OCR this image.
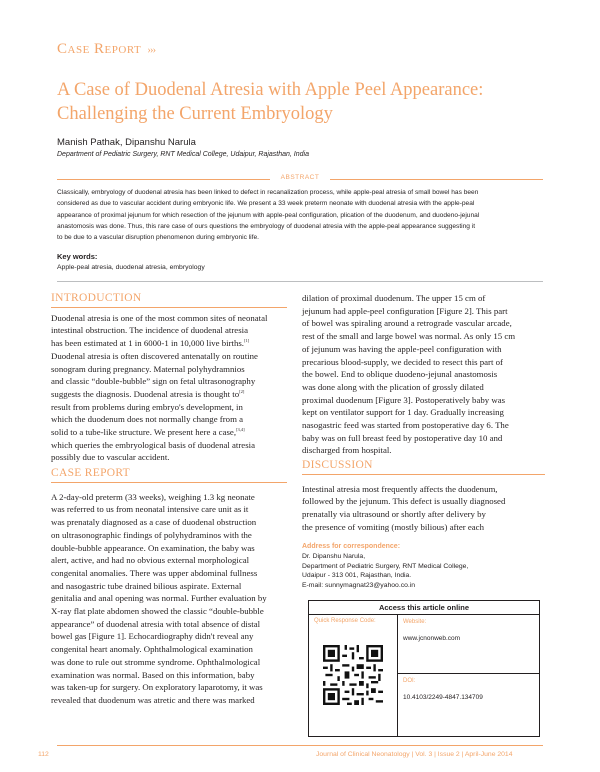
Case Report ›››
A Case of Duodenal Atresia with Apple Peel Appearance:
Challenging the Current Embryology
Manish Pathak, Dipanshu Narula
Department of Pediatric Surgery, RNT Medical College, Udaipur, Rajasthan, India
ABSTRACT
Classically, embryology of duodenal atresia has been linked to defect in recanalization process, while apple-peal atresia of small bowel has been
considered as due to vascular accident during embryonic life. We present a 33 week preterm neonate with duodenal atresia with the apple-peal
appearance of proximal jejunum for which resection of the jejunum with apple-peal configuration, plication of the duodenum, and duodeno-jejunal
anastomosis was done. Thus, this rare case of ours questions the embryology of duodenal atresia with the apple-peal appearance suggesting it
to be due to a vascular disruption phenomenon during embryonic life.
Key words:
Apple-peal atresia, duodenal atresia, embryology
INTRODUCTION
Duodenal atresia is one of the most common sites of neonatal
intestinal obstruction. The incidence of duodenal atresia
has been estimated at 1 in 6000-1 in 10,000 live births.[1]
Duodenal atresia is often discovered antenatally on routine
sonogram during pregnancy. Maternal polyhydramnios
and classic “double-bubble” sign on fetal ultrasonography
suggests the diagnosis. Duodenal atresia is thought to[2]
result from problems during embryo's development, in
which the duodenum does not normally change from a
solid to a tube-like structure. We present here a case,[3,4]
which queries the embryological basis of duodenal atresia
possibly due to vascular accident.
CASE REPORT
A 2-day-old preterm (33 weeks), weighing 1.3 kg neonate
was referred to us from neonatal intensive care unit as it
was prenataly diagnosed as a case of duodenal obstruction
on ultrasonographic findings of polyhydraminos with the
double-bubble appearance. On examination, the baby was
alert, active, and had no obvious external morphological
congenital anomalies. There was upper abdominal fullness
and nasogastric tube drained bilious aspirate. External
genitalia and anal opening was normal. Further evaluation by
X-ray flat plate abdomen showed the classic “double-bubble
appearance” of duodenal atresia with total absence of distal
bowel gas [Figure 1]. Echocardiography didn't reveal any
congenital heart anomaly. Ophthalmological examination
was done to rule out stromme syndrome. Ophthalmological
examination was normal. Based on this information, baby
was taken-up for surgery. On exploratory laparotomy, it was
revealed that duodenum was atretic and there was marked
dilation of proximal duodenum. The upper 15 cm of
jejunum had apple-peel configuration [Figure 2]. This part
of bowel was spiraling around a retrograde vascular arcade,
rest of the small and large bowel was normal. As only 15 cm
of jejunum was having the apple-peel configuration with
precarious blood-supply, we decided to resect this part of
the bowel. End to oblique duodeno-jejunal anastomosis
was done along with the plication of grossly dilated
proximal duodenum [Figure 3]. Postoperatively baby was
kept on ventilator support for 1 day. Gradually increasing
nasogastric feed was started from postoperative day 6. The
baby was on full breast feed by postoperative day 10 and
discharged from hospital.
DISCUSSION
Intestinal atresia most frequently affects the duodenum,
followed by the jejunum. This defect is usually diagnosed
prenatally via ultrasound or shortly after delivery by
the presence of vomiting (mostly bilious) after each
Address for correspondence:
Dr. Dipanshu Narula,
Department of Pediatric Surgery, RNT Medical College,
Udaipur - 313 001, Rajasthan, India.
E-mail: sunnymagnat23@yahoo.co.in
Access this article online
Quick Response Code:	Website:
www.jcnonweb.com
DOI:
10.4103/2249-4847.134709
112	Journal of Clinical Neonatology | Vol. 3 | Issue 2 | April-June 2014
